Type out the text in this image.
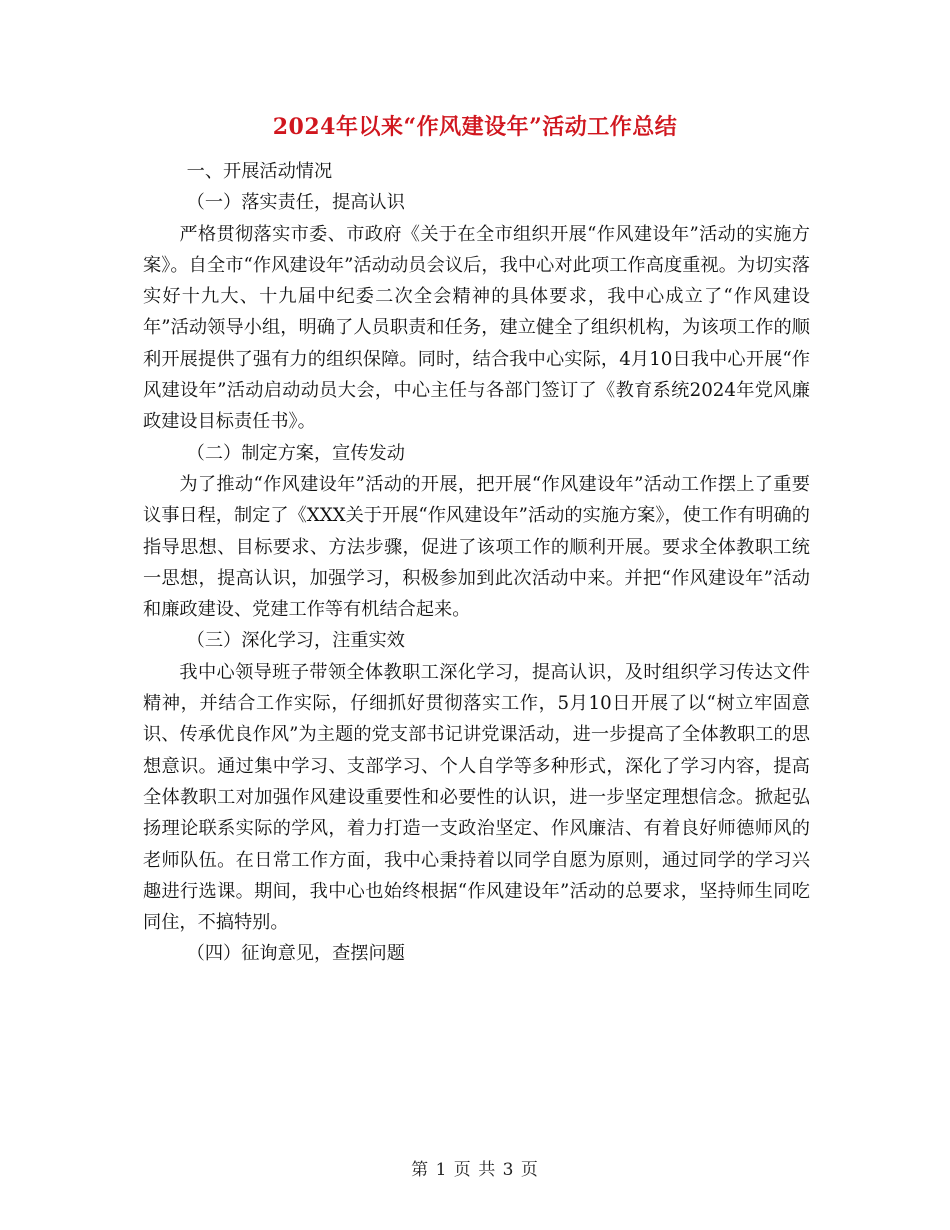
2024年以来“作风建设年”活动工作总结

一、开展活动情况

（一）落实责任，提高认识

严格贯彻落实市委、市政府《关于在全市组织开展“作风建设年”活动的实施方案》。自全市“作风建设年”活动动员会议后，我中心对此项工作高度重视。为切实落实好十九大、十九届中纪委二次全会精神的具体要求，我中心成立了“作风建设年”活动领导小组，明确了人员职责和任务，建立健全了组织机构，为该项工作的顺利开展提供了强有力的组织保障。同时，结合我中心实际，4月10日我中心开展“作风建设年”活动启动动员大会，中心主任与各部门签订了《教育系统2024年党风廉政建设目标责任书》。

（二）制定方案，宣传发动

为了推动“作风建设年”活动的开展，把开展“作风建设年”活动工作摆上了重要议事日程，制定了《XXX关于开展“作风建设年”活动的实施方案》，使工作有明确的指导思想、目标要求、方法步骤，促进了该项工作的顺利开展。要求全体教职工统一思想，提高认识，加强学习，积极参加到此次活动中来。并把“作风建设年”活动和廉政建设、党建工作等有机结合起来。

（三）深化学习，注重实效

我中心领导班子带领全体教职工深化学习，提高认识，及时组织学习传达文件精神，并结合工作实际，仔细抓好贯彻落实工作，5月10日开展了以“树立牢固意识、传承优良作风”为主题的党支部书记讲党课活动，进一步提高了全体教职工的思想意识。通过集中学习、支部学习、个人自学等多种形式，深化了学习内容，提高全体教职工对加强作风建设重要性和必要性的认识，进一步坚定理想信念。掀起弘扬理论联系实际的学风，着力打造一支政治坚定、作风廉洁、有着良好师德师风的老师队伍。在日常工作方面，我中心秉持着以同学自愿为原则，通过同学的学习兴趣进行选课。期间，我中心也始终根据“作风建设年”活动的总要求，坚持师生同吃同住，不搞特别。

（四）征询意见，查摆问题

第 1 页 共 3 页
